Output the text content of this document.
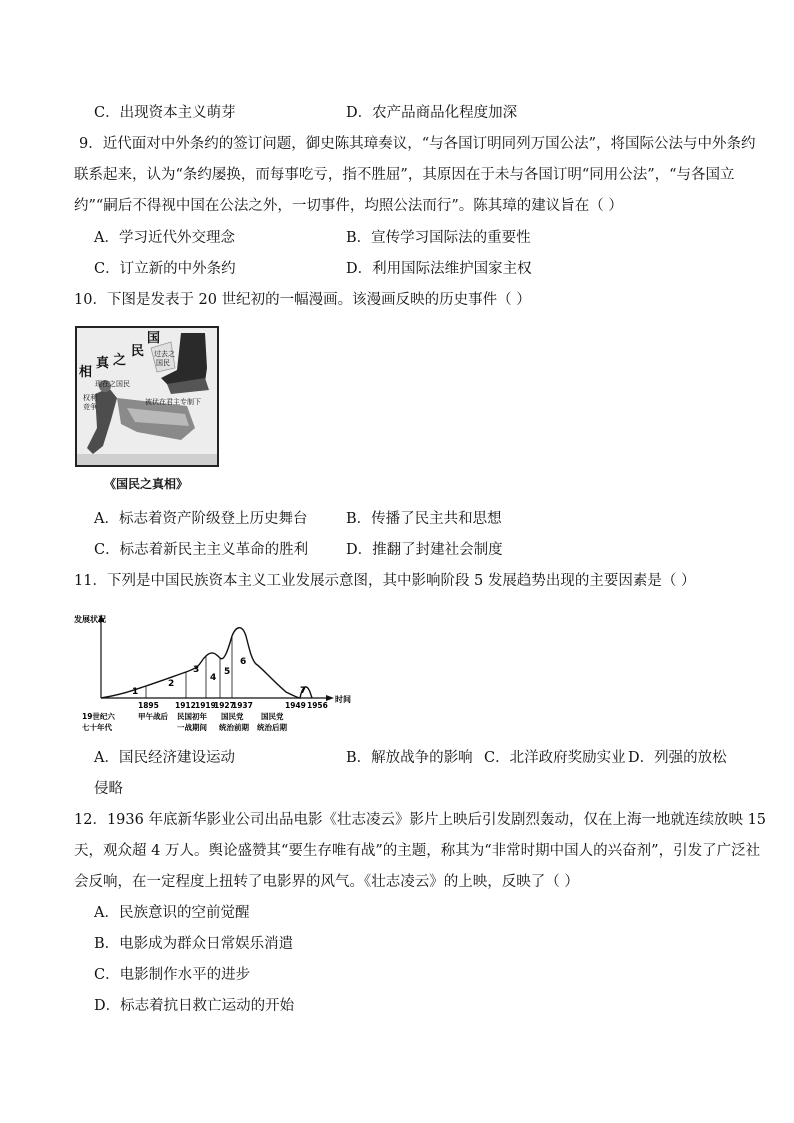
C．出现资本主义萌芽	D．农产品商品化程度加深
9．近代面对中外条约的签订问题，御史陈其璋奏议，“与各国订明同列万国公法”，将国际公法与中外条约
联系起来，认为“条约屡换，而每事吃亏，指不胜屈”，其原因在于未与各国订明“同用公法”，“与各国立
约”“嗣后不得视中国在公法之外，一切事件，均照公法而行”。陈其璋的建议旨在（ ）
A．学习近代外交理念	B．宣传学习国际法的重要性
C．订立新的中外条约	D．利用国际法维护国家主权
10．下图是发表于 20 世纪初的一幅漫画。该漫画反映的历史事件（ ）
国
民
之
真
相
现在之国民
权利
竞争
过去之
国民
被伏在君主专制下
《国民之真相》
A．标志着资产阶级登上历史舞台	B．传播了民主共和思想
C．标志着新民主主义革命的胜利	D．推翻了封建社会制度
11．下列是中国民族资本主义工业发展示意图，其中影响阶段 5 发展趋势出现的主要因素是（ ）
发展状况
时间
1
2
3
4
5
6
7
1895 1912 1919
1927
1937	1949 1956
19世纪六
七十年代
甲午战后 民国初年
一战期间
国民党
统治前期
国民党
统治后期
A．国民经济建设运动	B．解放战争的影响 C．北洋政府奖励实业 D．列强的放松
侵略
12．1936 年底新华影业公司出品电影《壮志凌云》影片上映后引发剧烈轰动，仅在上海一地就连续放映 15
天，观众超 4 万人。舆论盛赞其“要生存唯有战”的主题，称其为“非常时期中国人的兴奋剂”，引发了广泛社
会反响，在一定程度上扭转了电影界的风气。《壮志凌云》的上映，反映了（ ）
A．民族意识的空前觉醒
B．电影成为群众日常娱乐消遣
C．电影制作水平的进步
D．标志着抗日救亡运动的开始
